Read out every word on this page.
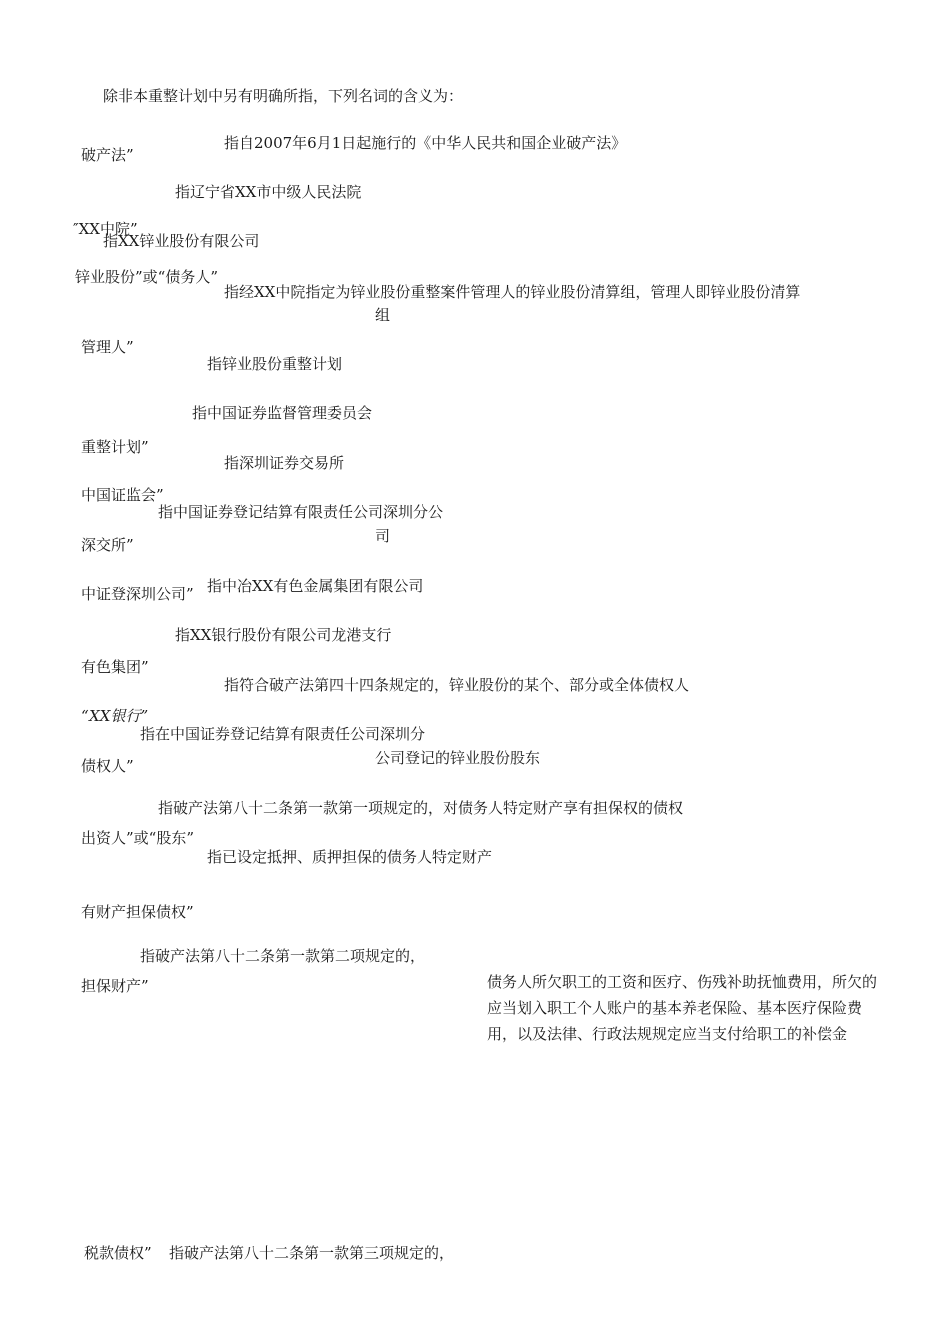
除非本重整计划中另有明确所指，下列名词的含义为：
指自2007年6月1日起施行的《中华人民共和国企业破产法》
破产法”
指辽宁省XX市中级人民法院
″XX中院”
指XX锌业股份有限公司
锌业股份”或“债务人”
指经XX中院指定为锌业股份重整案件管理人的锌业股份清算组，管理人即锌业股份清算
组
管理人”
指锌业股份重整计划
指中国证券监督管理委员会
重整计划”
指深圳证券交易所
中国证监会”
指中国证券登记结算有限责任公司深圳分公
司
深交所”
指中冶XX有色金属集团有限公司
中证登深圳公司”
指XX银行股份有限公司龙港支行
有色集团”
指符合破产法第四十四条规定的，锌业股份的某个、部分或全体债权人
“XX银行”
指在中国证券登记结算有限责任公司深圳分
公司登记的锌业股份股东
债权人”
指破产法第八十二条第一款第一项规定的，对债务人特定财产享有担保权的债权
出资人”或“股东”
指已设定抵押、质押担保的债务人特定财产
有财产担保债权”
指破产法第八十二条第一款第二项规定的，
担保财产”	债务人所欠职工的工资和医疗、伤残补助抚恤费用，所欠的应当划入职工个人账户的基本养老保险、基本医疗保险费用，以及法律、行政法规规定应当支付给职工的补偿金
税款债权” 指破产法第八十二条第一款第三项规定的，
